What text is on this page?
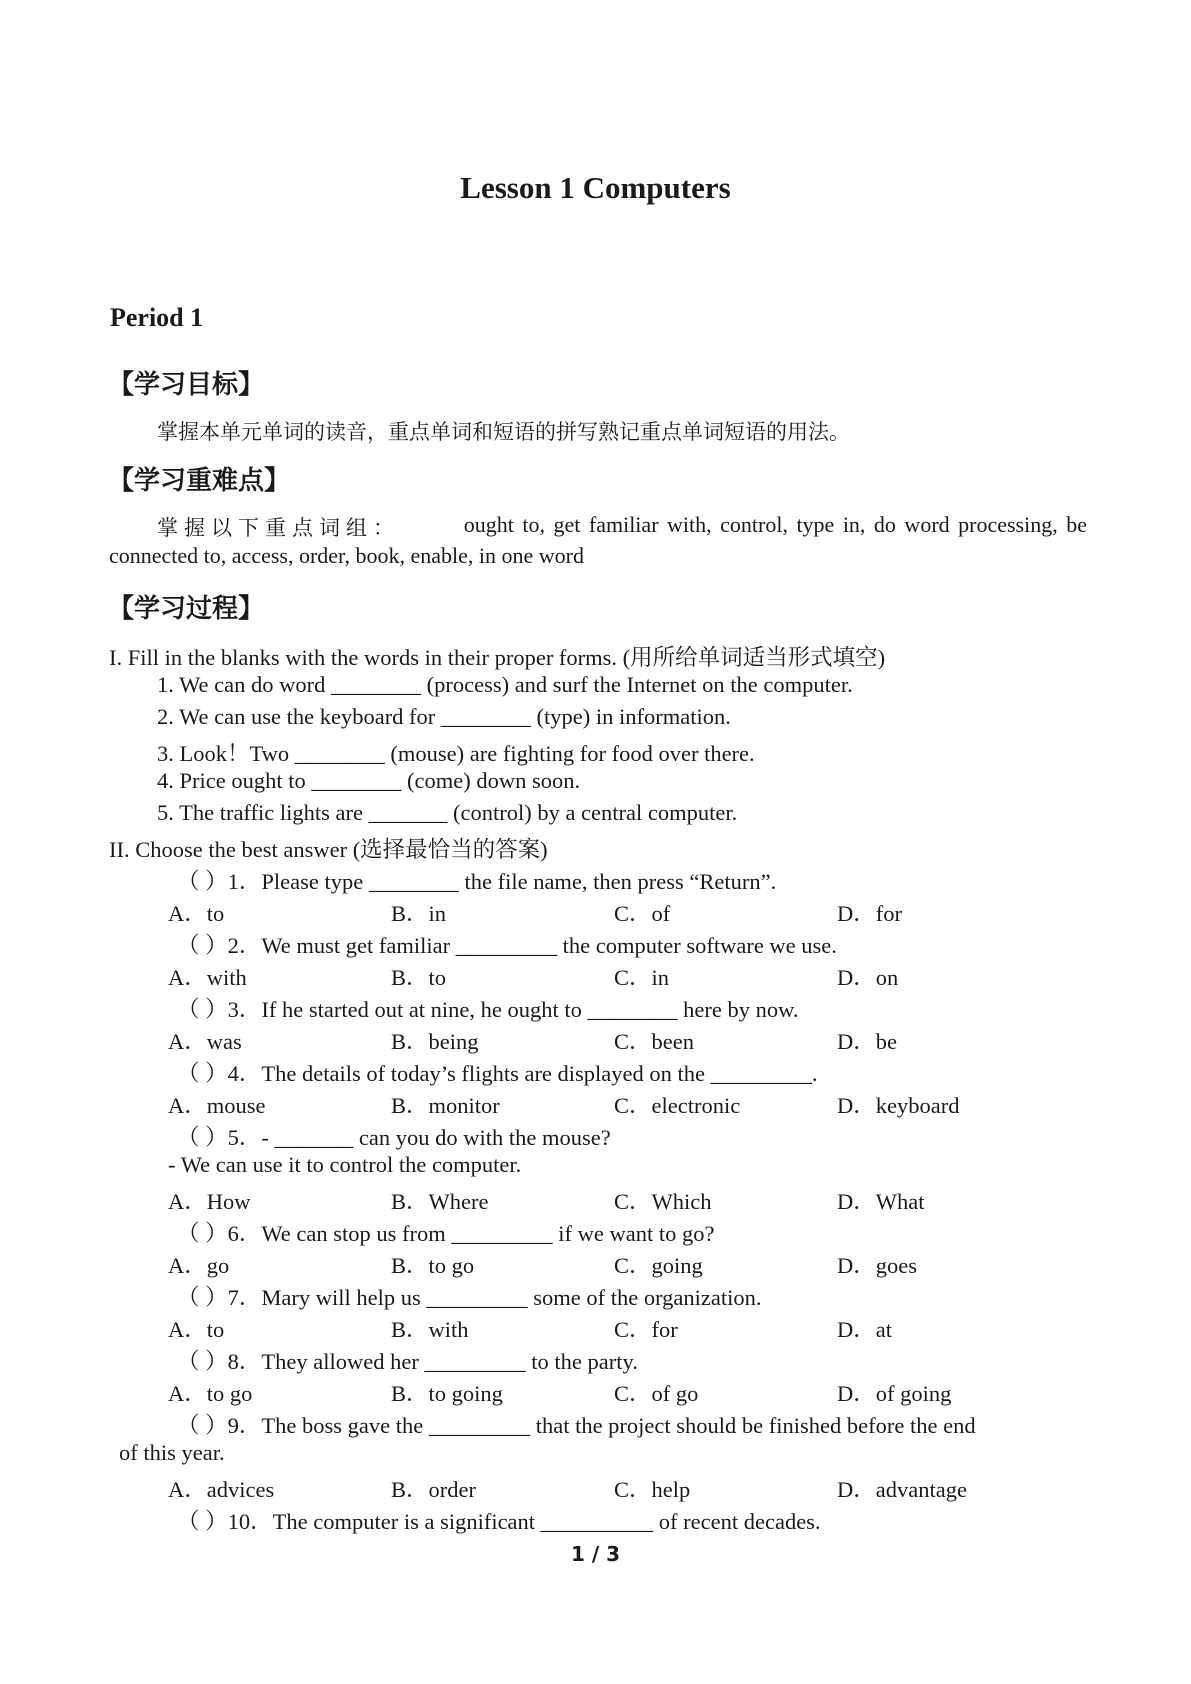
Lesson 1 Computers
Period 1
【学习目标】
掌握本单元单词的读音，重点单词和短语的拼写熟记重点单词短语的用法。
【学习重难点】
掌握以下重点词组：	ought to, get familiar with, control, type in, do word processing, be
connected to, access, order, book, enable, in one word
【学习过程】
I. Fill in the blanks with the words in their proper forms. (用所给单词适当形式填空)
1. We can do word ________ (process) and surf the Internet on the computer.
2. We can use the keyboard for ________ (type) in information.
3. Look！Two ________ (mouse) are fighting for food over there.
4. Price ought to ________ (come) down soon.
5. The traffic lights are _______ (control) by a central computer.
II. Choose the best answer (选择最恰当的答案)
（ ）1．Please type ________ the file name, then press “Return”.
A．to	B．in	C．of	D．for
（ ）2．We must get familiar _________ the computer software we use.
A．with	B．to	C．in	D．on
（ ）3．If he started out at nine, he ought to ________ here by now.
A．was	B．being	C．been	D．be
（ ）4．The details of today’s flights are displayed on the _________.
A．mouse	B．monitor	C．electronic	D．keyboard
（ ）5．- _______ can you do with the mouse?
- We can use it to control the computer.
A．How	B．Where	C．Which	D．What
（ ）6．We can stop us from _________ if we want to go?
A．go	B．to go	C．going	D．goes
（ ）7．Mary will help us _________ some of the organization.
A．to	B．with	C．for	D．at
（ ）8．They allowed her _________ to the party.
A．to go	B．to going	C．of go	D．of going
（ ）9．The boss gave the _________ that the project should be finished before the end
of this year.
A．advices	B．order	C．help	D．advantage
（ ）10．The computer is a significant __________ of recent decades.
1 / 3
